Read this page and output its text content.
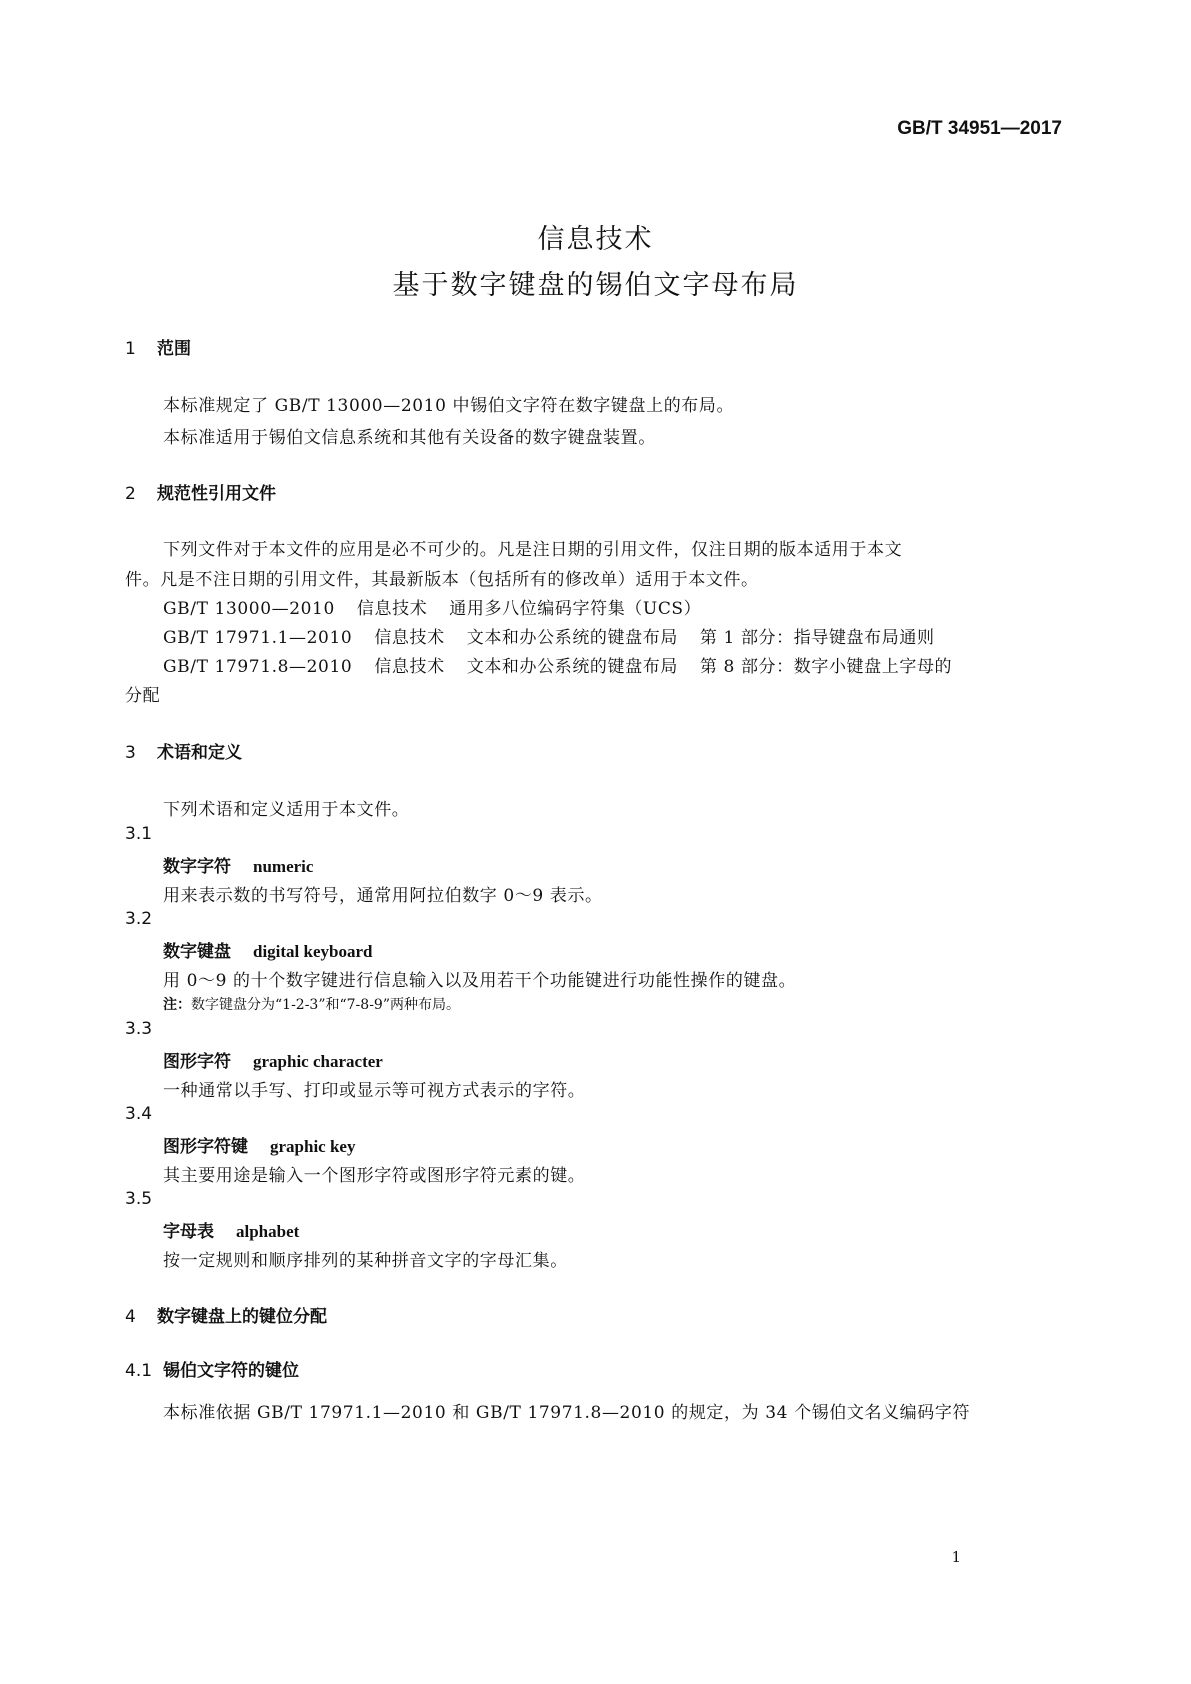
GB/T 34951—2017
信息技术
基于数字键盘的锡伯文字母布局
1 范围
本标准规定了 GB/T 13000—2010 中锡伯文字符在数字键盘上的布局。
本标准适用于锡伯文信息系统和其他有关设备的数字键盘装置。
2 规范性引用文件
下列文件对于本文件的应用是必不可少的。凡是注日期的引用文件，仅注日期的版本适用于本文
件。凡是不注日期的引用文件，其最新版本（包括所有的修改单）适用于本文件。
GB/T 13000—2010 信息技术 通用多八位编码字符集（UCS）
GB/T 17971.1—2010 信息技术 文本和办公系统的键盘布局 第 1 部分：指导键盘布局通则
GB/T 17971.8—2010 信息技术 文本和办公系统的键盘布局 第 8 部分：数字小键盘上字母的
分配
3 术语和定义
下列术语和定义适用于本文件。
3.1
数字字符 numeric
用来表示数的书写符号，通常用阿拉伯数字 0～9 表示。
3.2
数字键盘 digital keyboard
用 0～9 的十个数字键进行信息输入以及用若干个功能键进行功能性操作的键盘。
注：数字键盘分为“1-2-3”和“7-8-9”两种布局。
3.3
图形字符 graphic character
一种通常以手写、打印或显示等可视方式表示的字符。
3.4
图形字符键 graphic key
其主要用途是输入一个图形字符或图形字符元素的键。
3.5
字母表 alphabet
按一定规则和顺序排列的某种拼音文字的字母汇集。
4 数字键盘上的键位分配
4.1 锡伯文字符的键位
本标准依据 GB/T 17971.1—2010 和 GB/T 17971.8—2010 的规定，为 34 个锡伯文名义编码字符
1
